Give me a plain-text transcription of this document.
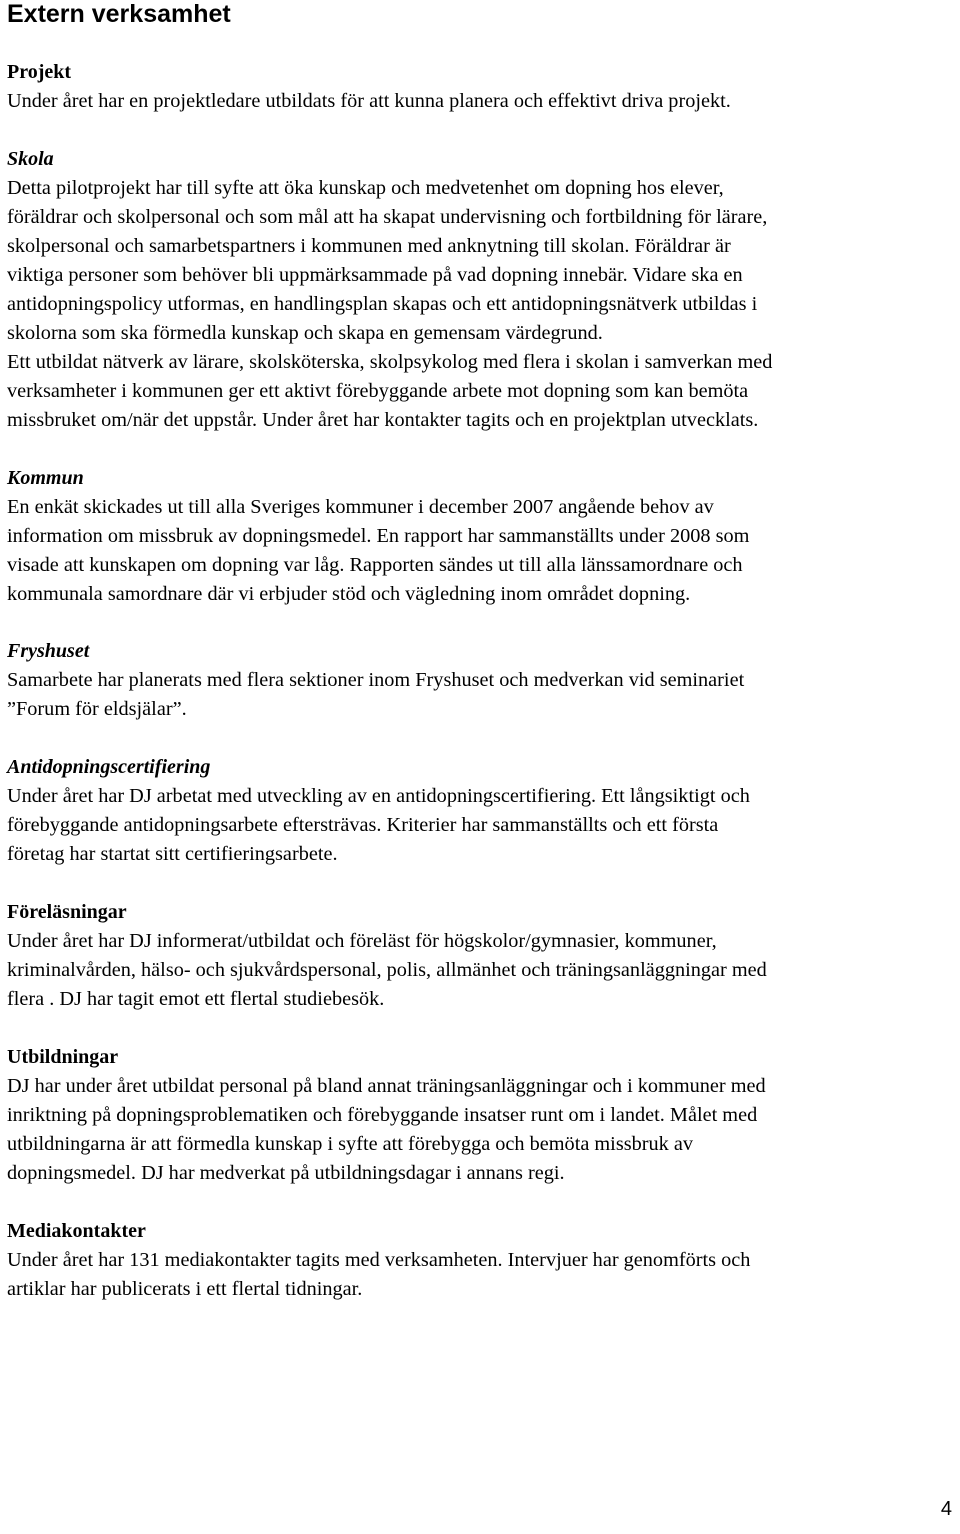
Extern verksamhet
Projekt

Under året har en projektledare utbildats för att kunna planera och effektivt driva projekt.

Skola

Detta pilotprojekt har till syfte att öka kunskap och medvetenhet om dopning hos elever,
föräldrar och skolpersonal och som mål att ha skapat undervisning och fortbildning för lärare,
skolpersonal och samarbetspartners i kommunen med anknytning till skolan. Föräldrar är
viktiga personer som behöver bli uppmärksammade på vad dopning innebär. Vidare ska en
antidopningspolicy utformas, en handlingsplan skapas och ett antidopningsnätverk utbildas i
skolorna som ska förmedla kunskap och skapa en gemensam värdegrund.

Ett utbildat nätverk av lärare, skolsköterska, skolpsykolog med flera i skolan i samverkan med
verksamheter i kommunen ger ett aktivt förebyggande arbete mot dopning som kan bemöta
missbruket om/när det uppstår. Under året har kontakter tagits och en projektplan utvecklats.

Kommun

En enkät skickades ut till alla Sveriges kommuner i december 2007 angående behov av
information om missbruk av dopningsmedel. En rapport har sammanställts under 2008 som
visade att kunskapen om dopning var låg. Rapporten sändes ut till alla länssamordnare och
kommunala samordnare där vi erbjuder stöd och vägledning inom området dopning.

Fryshuset

Samarbete har planerats med flera sektioner inom Fryshuset och medverkan vid seminariet
”Forum för eldsjälar”.

Antidopningscertifiering

Under året har DJ arbetat med utveckling av en antidopningscertifiering. Ett långsiktigt och
förebyggande antidopningsarbete eftersträvas. Kriterier har sammanställts och ett första
företag har startat sitt certifieringsarbete.

Föreläsningar

Under året har DJ informerat/utbildat och föreläst för högskolor/gymnasier, kommuner,
kriminalvården, hälso- och sjukvårdspersonal, polis, allmänhet och träningsanläggningar med
flera . DJ har tagit emot ett flertal studiebesök.

Utbildningar

DJ har under året utbildat personal på bland annat träningsanläggningar och i kommuner med
inriktning på dopningsproblematiken och förebyggande insatser runt om i landet. Målet med
utbildningarna är att förmedla kunskap i syfte att förebygga och bemöta missbruk av
dopningsmedel. DJ har medverkat på utbildningsdagar i annans regi.

Mediakontakter

Under året har 131 mediakontakter tagits med verksamheten. Intervjuer har genomförts och
artiklar har publicerats i ett flertal tidningar.

4
